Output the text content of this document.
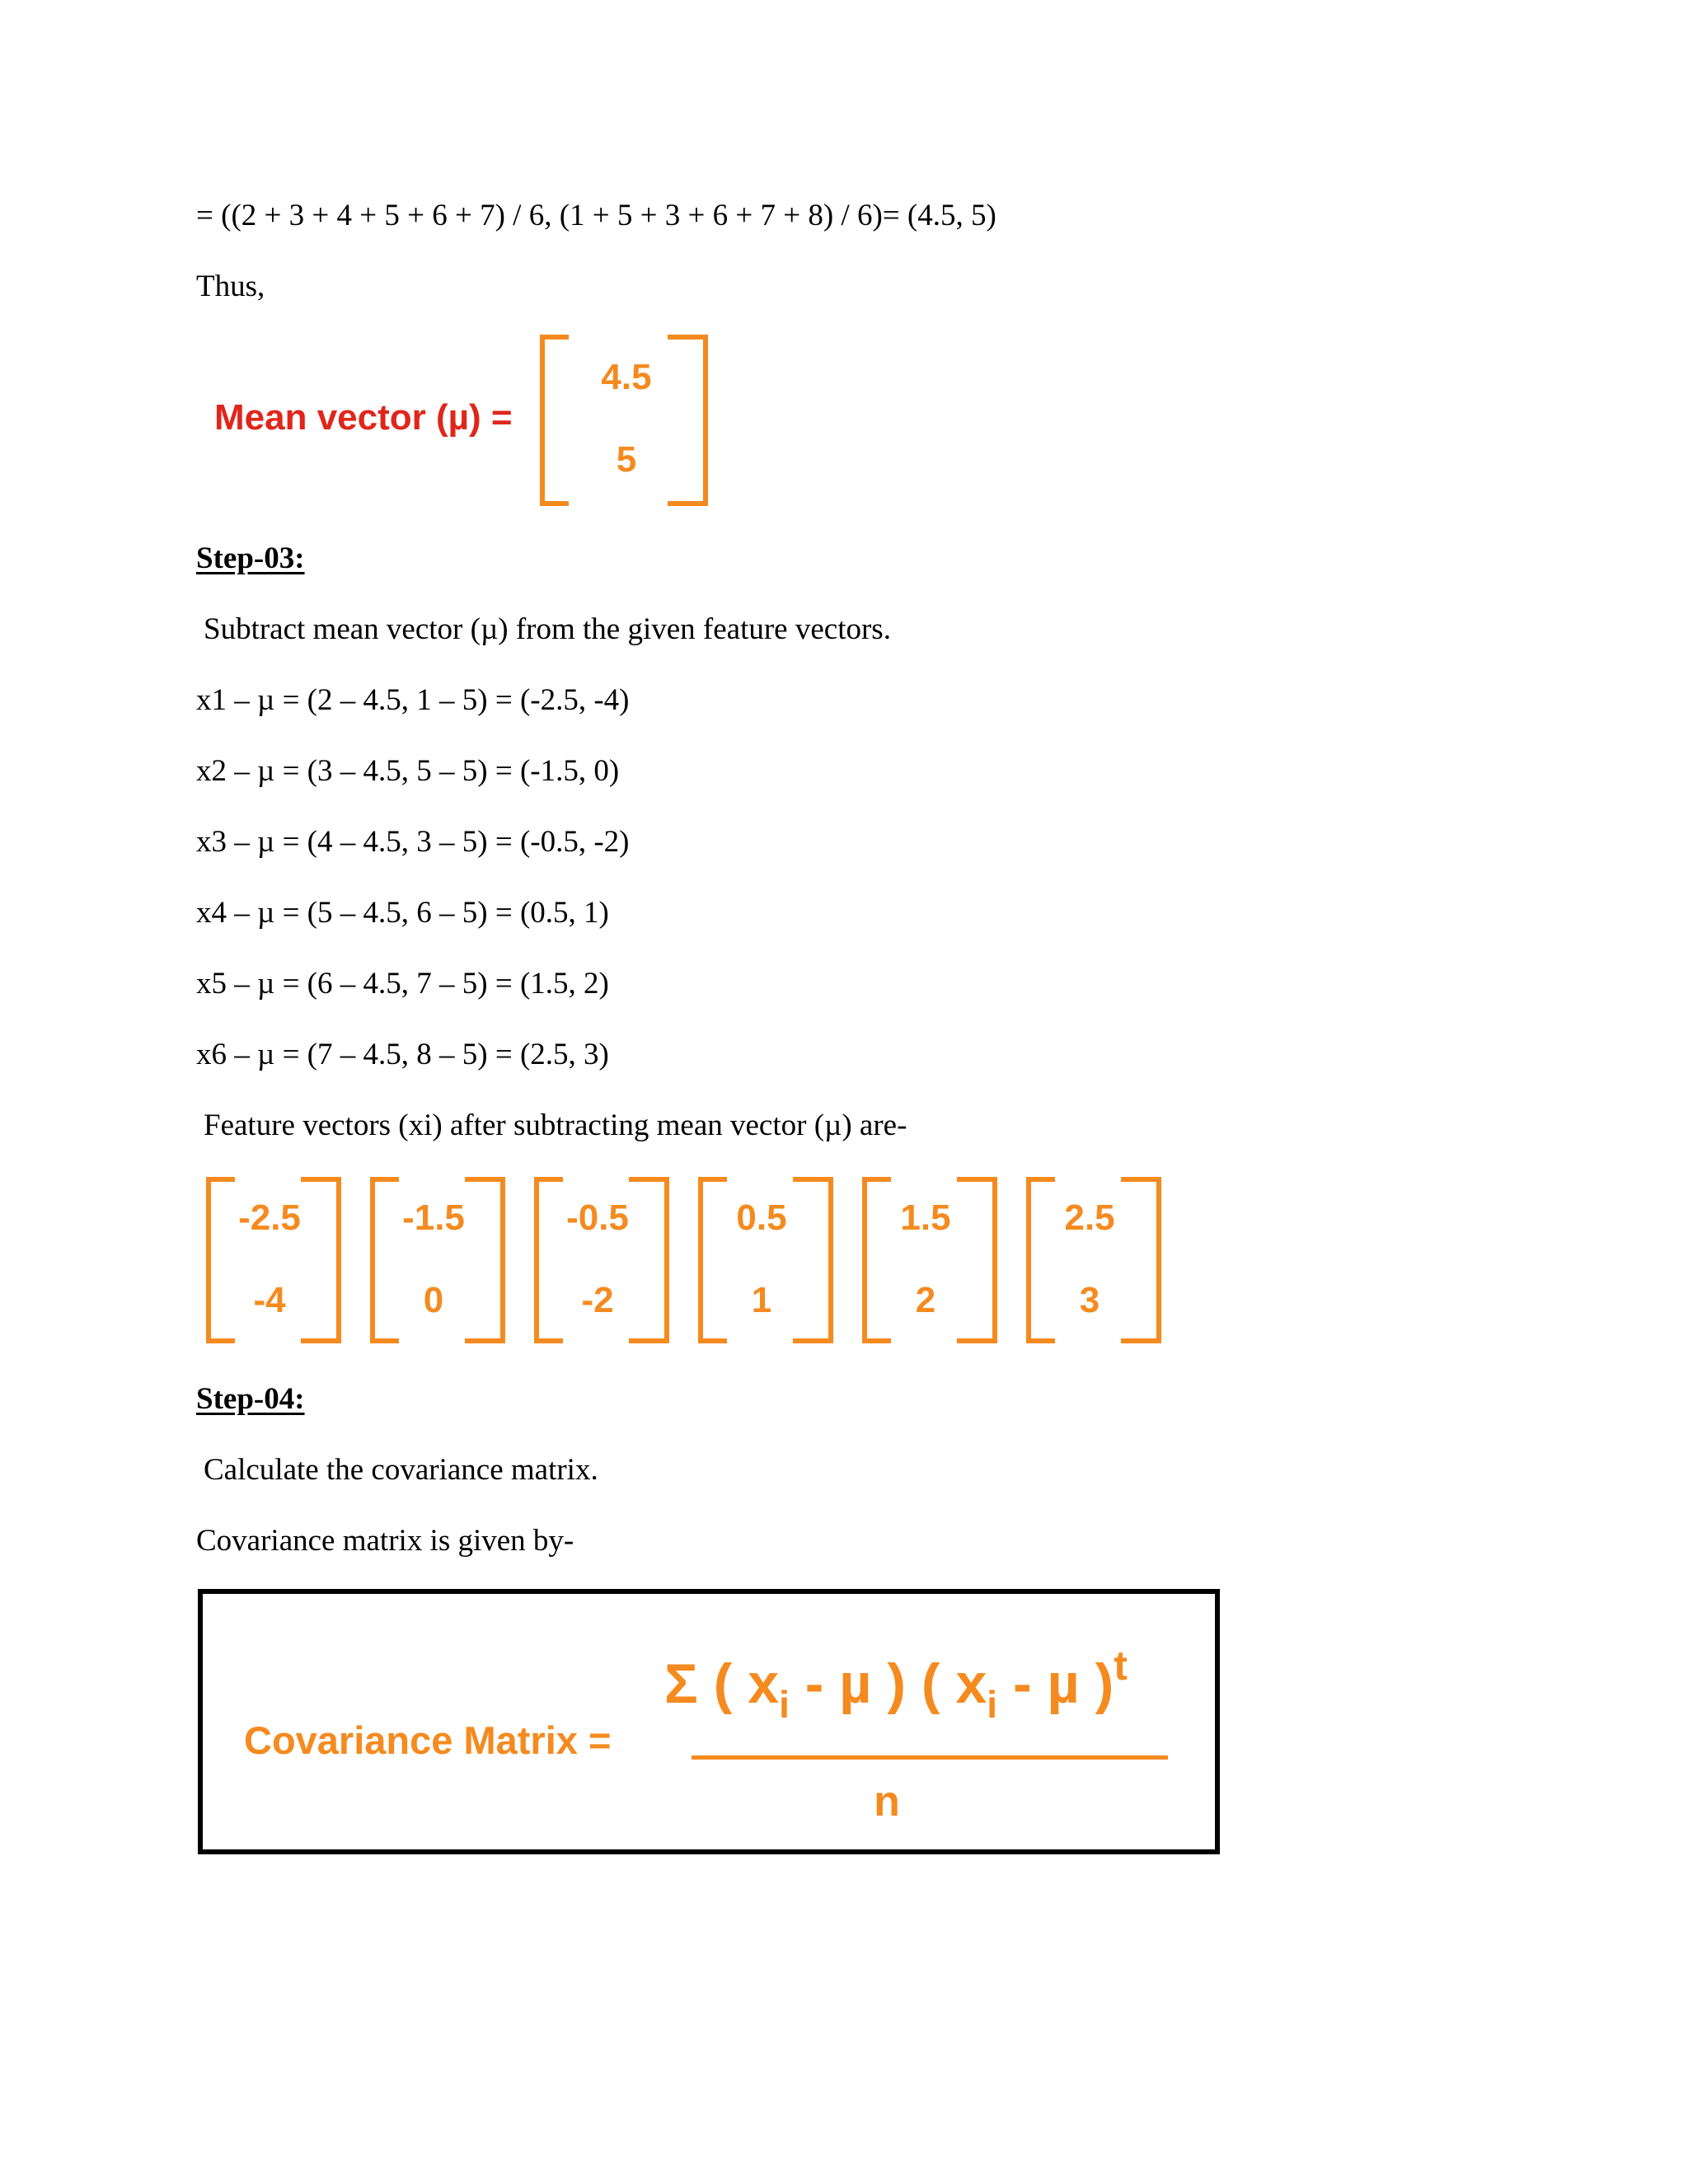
= ((2 + 3 + 4 + 5 + 6 + 7) / 6, (1 + 5 + 3 + 6 + 7 + 8) / 6)= (4.5, 5)
Thus,
Mean vector (µ) =
4.5
5
Step-03:
Subtract mean vector (µ) from the given feature vectors.
x1 – µ = (2 – 4.5, 1 – 5) = (-2.5, -4)
x2 – µ = (3 – 4.5, 5 – 5) = (-1.5, 0)
x3 – µ = (4 – 4.5, 3 – 5) = (-0.5, -2)
x4 – µ = (5 – 4.5, 6 – 5) = (0.5, 1)
x5 – µ = (6 – 4.5, 7 – 5) = (1.5, 2)
x6 – µ = (7 – 4.5, 8 – 5) = (2.5, 3)
Feature vectors (xi) after subtracting mean vector (µ) are-
-2.5
-4
-1.5
0
-0.5
-2
0.5
1
1.5
2
2.5
3
Step-04:
Calculate the covariance matrix.
Covariance matrix is given by-
Covariance Matrix =
Σ ( $x_i$ - µ ) ( $x_i$ - µ )$^t$
n
